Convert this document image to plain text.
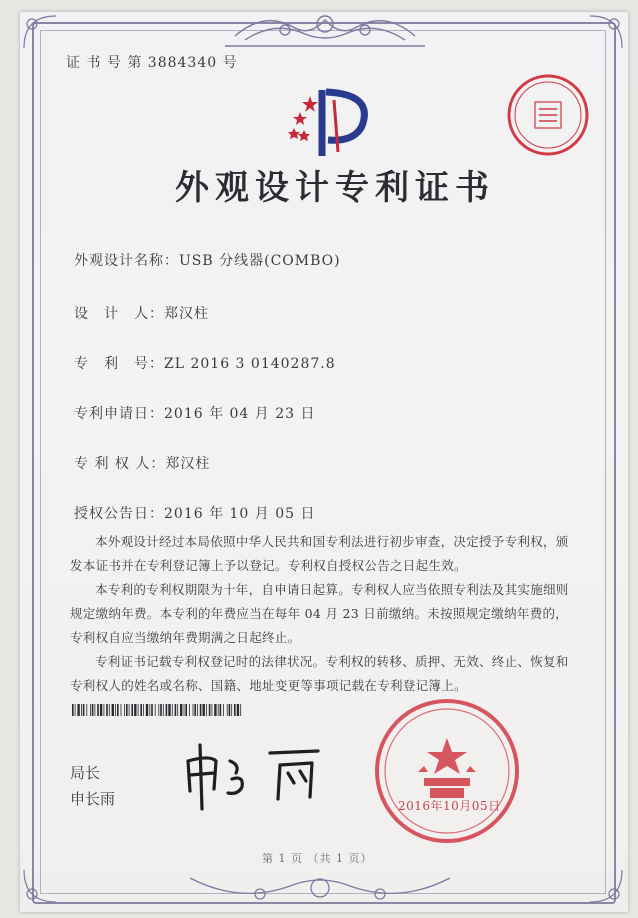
证 书 号 第 3884340 号
外观设计专利证书
外观设计名称：USB 分线器(COMBO)
设　计　人：郑汉柱
专　利　号：ZL 2016 3 0140287.8
专利申请日：2016 年 04 月 23 日
专 利 权 人：郑汉柱
授权公告日：2016 年 10 月 05 日

本外观设计经过本局依照中华人民共和国专利法进行初步审查，决定授予专利权，颁发本证书并在专利登记簿上予以登记。专利权自授权公告之日起生效。

本专利的专利权期限为十年，自申请日起算。专利权人应当依照专利法及其实施细则规定缴纳年费。本专利的年费应当在每年 04 月 23 日前缴纳。未按照规定缴纳年费的，专利权自应当缴纳年费期满之日起终止。

专利证书记载专利权登记时的法律状况。专利权的转移、质押、无效、终止、恢复和专利权人的姓名或名称、国籍、地址变更等事项记载在专利登记簿上。

局长
申长雨	2016年10月05日
第 1 页 （共 1 页）
